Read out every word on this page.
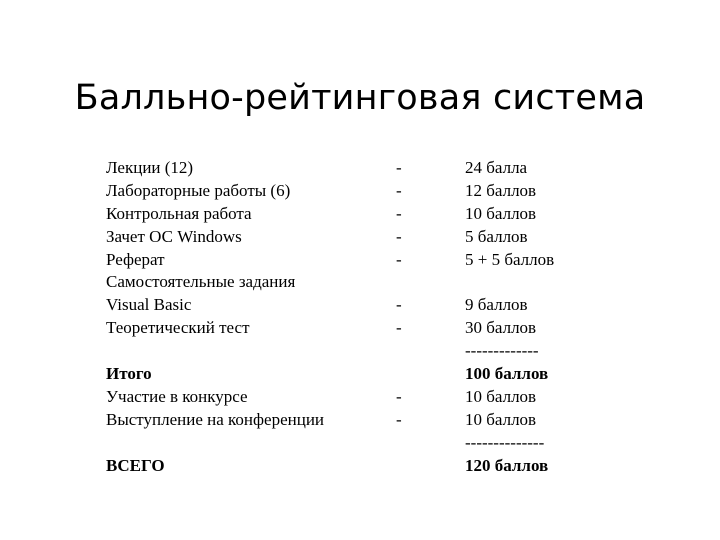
Балльно-рейтинговая система
Лекции (12)	-	24 балла
Лабораторные работы (6)	-	12 баллов
Контрольная работа	-	10 баллов
Зачет ОС Windows	-	5 баллов
Реферат	-	5 + 5 баллов
Самостоятельные задания
Visual Basic	-	9 баллов
Теоретический тест	-	30 баллов
-------------
Итого	100 баллов
Участие в конкурсе	-	10 баллов
Выступление на конференции	-	10 баллов
--------------
ВСЕГО	120 баллов
